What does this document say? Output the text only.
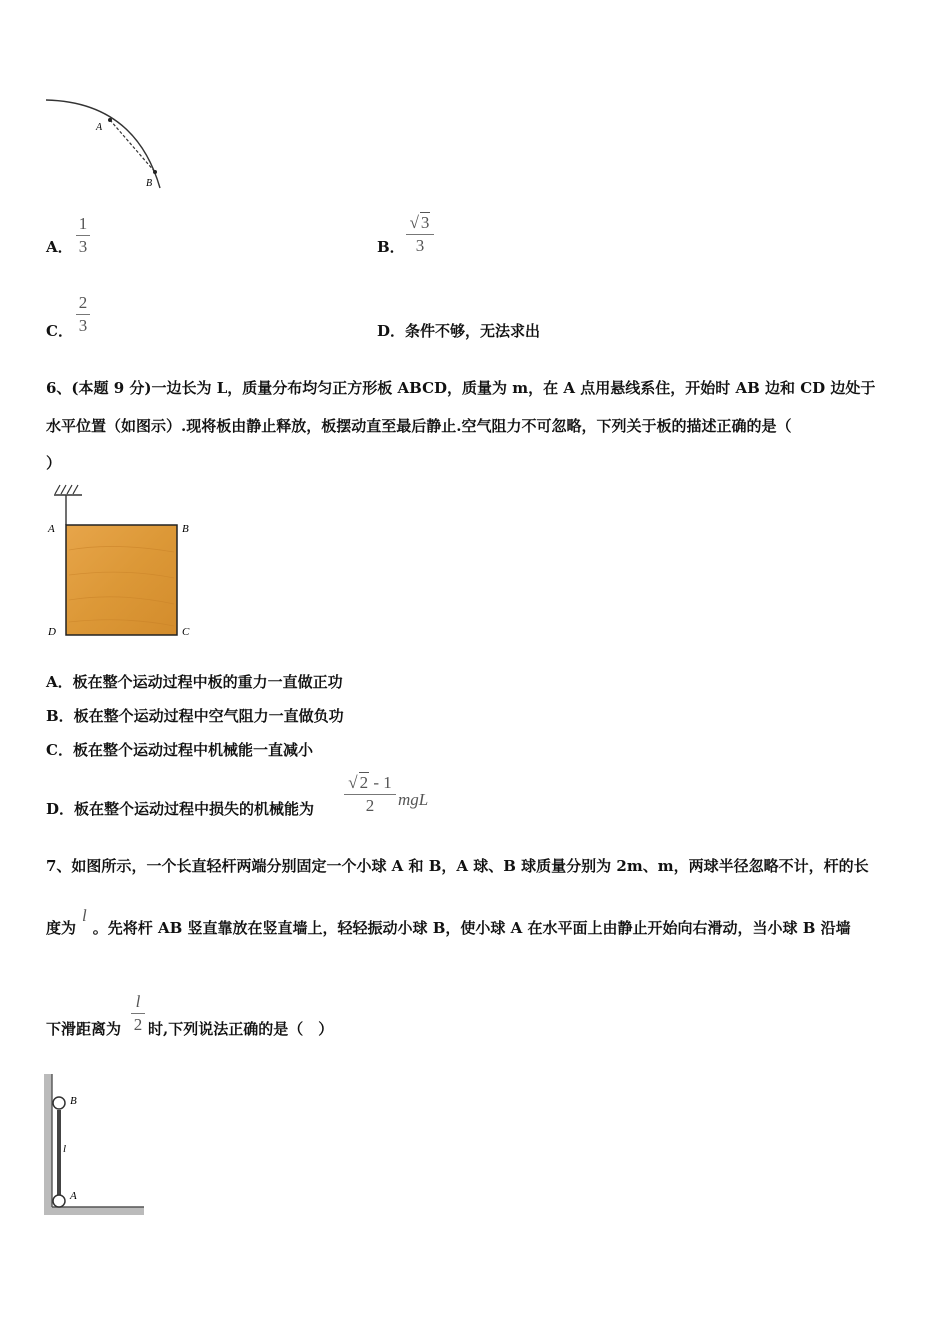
A
B
A．
1
3	B．
√ 3
3
C．
2
3	D．条件不够，无法求出
6、(本题 9 分)一边长为 L，质量分布均匀正方形板 ABCD，质量为 m，在 A 点用悬线系住，开始时 AB 边和 CD 边处于
水平位置（如图示）.现将板由静止释放，板摆动直至最后静止.空气阻力不可忽略，下列关于板的描述正确的是（
）
A	B
D	C
A．板在整个运动过程中板的重力一直做正功
B．板在整个运动过程中空气阻力一直做负功
C．板在整个运动过程中机械能一直减小
D．板在整个运动过程中损失的机械能为
√ 2 - 1
2 mgL
7、如图所示，一个长直轻杆两端分别固定一个小球 A 和 B，A 球、B 球质量分别为 2m、m，两球半径忽略不计，杆的长
度为l。先将杆 AB 竖直靠放在竖直墙上，轻轻振动小球 B，使小球 A 在水平面上由静止开始向右滑动，当小球 B 沿墙
下滑距离为
l
2 时,下列说法正确的是（　）
B
l
A
